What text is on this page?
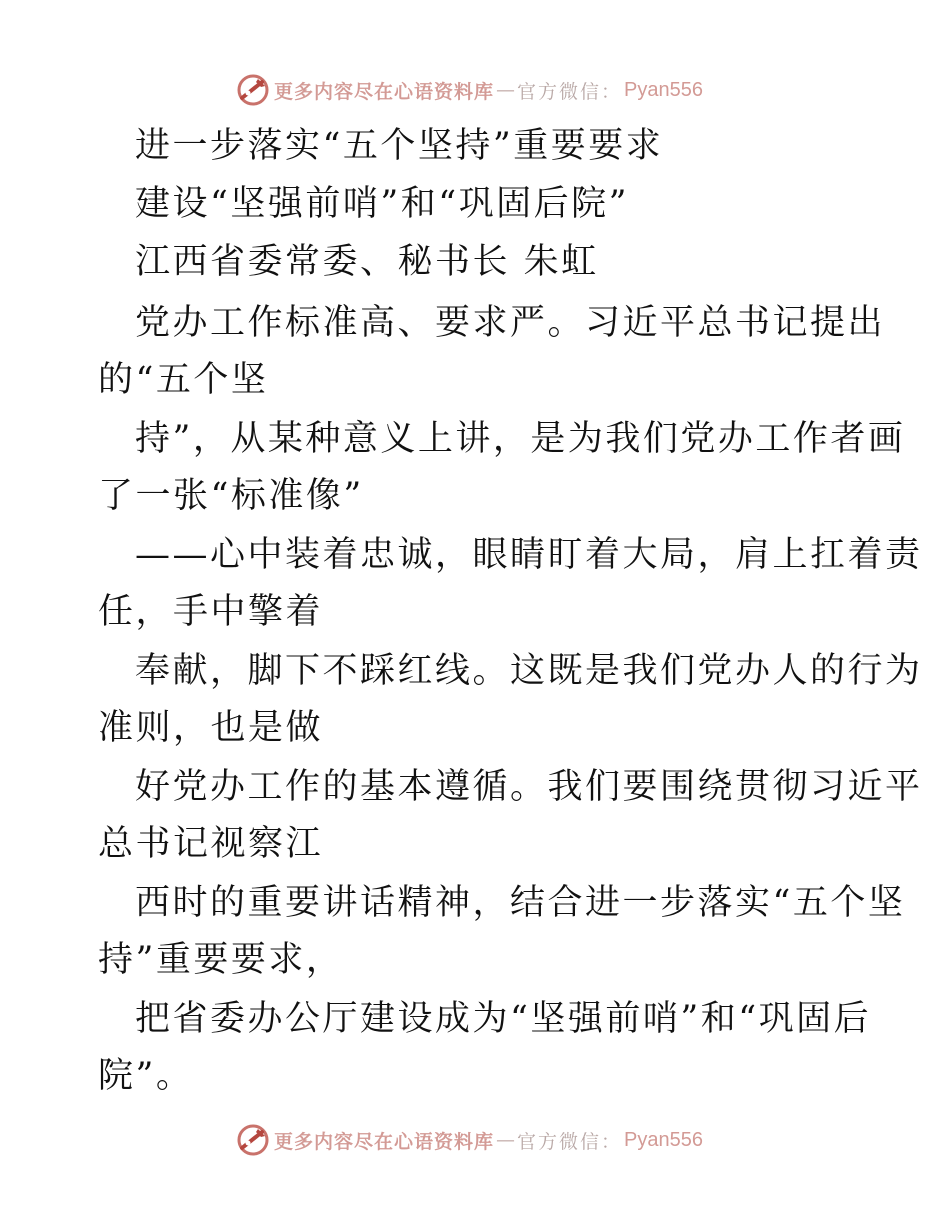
更多内容尽在心语资料库 — 官方微信： Pyan556
进一步落实“五个坚持”重要要求
建设“坚强前哨”和“巩固后院”
江西省委常委、秘书长 朱虹
党办工作标准高、要求严。习近平总书记提出
的“五个坚
持”，从某种意义上讲，是为我们党办工作者画
了一张“标准像”
——心中装着忠诚，眼睛盯着大局，肩上扛着责
任，手中擎着
奉献，脚下不踩红线。这既是我们党办人的行为
准则，也是做
好党办工作的基本遵循。我们要围绕贯彻习近平
总书记视察江
西时的重要讲话精神，结合进一步落实“五个坚
持”重要要求，
把省委办公厅建设成为“坚强前哨”和“巩固后
院”。
更多内容尽在心语资料库 — 官方微信： Pyan556
